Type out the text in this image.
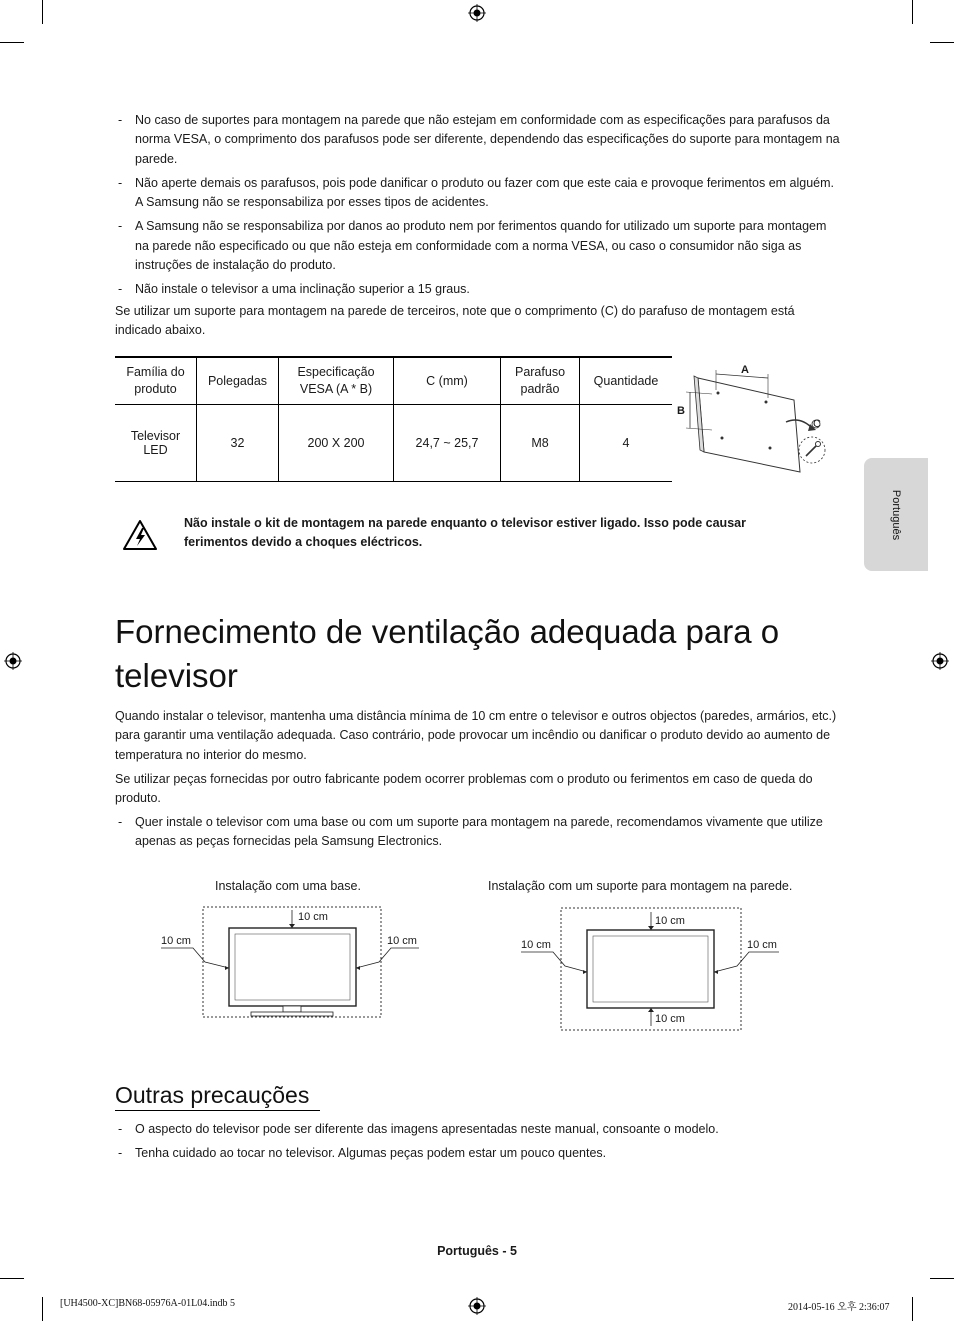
- No caso de suportes para montagem na parede que não estejam em conformidade com as especificações para parafusos da norma VESA, o comprimento dos parafusos pode ser diferente, dependendo das especificações do suporte para montagem na parede.
- Não aperte demais os parafusos, pois pode danificar o produto ou fazer com que este caia e provoque ferimentos em alguém. A Samsung não se responsabiliza por esses tipos de acidentes.
- A Samsung não se responsabiliza por danos ao produto nem por ferimentos quando for utilizado um suporte para montagem na parede não especificado ou que não esteja em conformidade com a norma VESA, ou caso o consumidor não siga as instruções de instalação do produto.
- Não instale o televisor a uma inclinação superior a 15 graus.

Se utilizar um suporte para montagem na parede de terceiros, note que o comprimento (C) do parafuso de montagem está indicado abaixo.

Família do produto	Polegadas	Especificação VESA (A * B)	C (mm)	Parafuso padrão	Quantidade
Televisor LED	32	200 X 200	24,7 ~ 25,7	M8	4
A
B
C
Não instale o kit de montagem na parede enquanto o televisor estiver ligado. Isso pode causar ferimentos devido a choques eléctricos.
Português
Fornecimento de ventilação adequada para o televisor

Quando instalar o televisor, mantenha uma distância mínima de 10 cm entre o televisor e outros objectos (paredes, armários, etc.) para garantir uma ventilação adequada. Caso contrário, pode provocar um incêndio ou danificar o produto devido ao aumento de temperatura no interior do mesmo.

Se utilizar peças fornecidas por outro fabricante podem ocorrer problemas com o produto ou ferimentos em caso de queda do produto.

- Quer instale o televisor com uma base ou com um suporte para montagem na parede, recomendamos vivamente que utilize apenas as peças fornecidas pela Samsung Electronics.
Instalação com uma base.	Instalação com um suporte para montagem na parede.
10 cm
10 cm	10 cm
10 cm
10 cm
10 cm	10 cm
Outras precauções
- O aspecto do televisor pode ser diferente das imagens apresentadas neste manual, consoante o modelo.
- Tenha cuidado ao tocar no televisor. Algumas peças podem estar um pouco quentes.
Português - 5
[UH4500-XC]BN68-05976A-01L04.indb 5	2014-05-16 오후 2:36:07
